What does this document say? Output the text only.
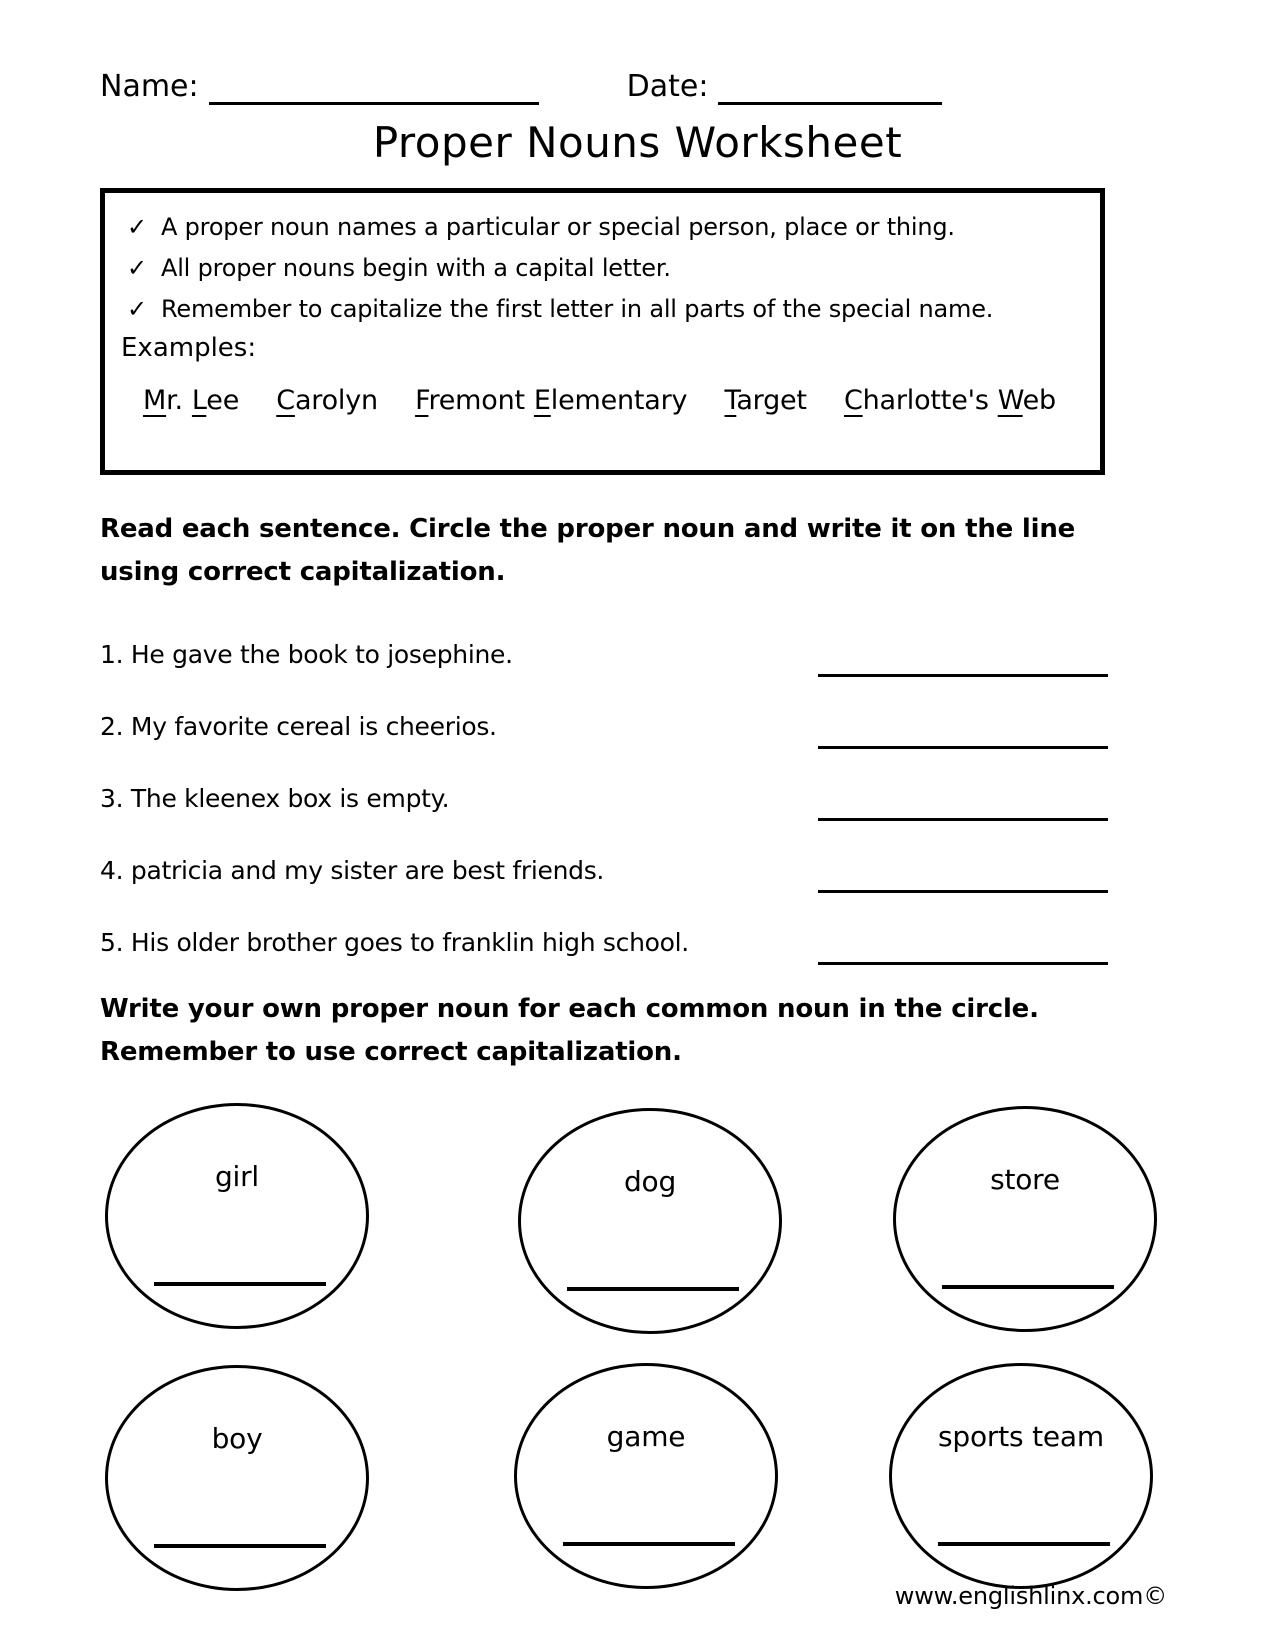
Name:	Date:
Proper Nouns Worksheet
✓ A proper noun names a particular or special person, place or thing.
✓ All proper nouns begin with a capital letter.
✓ Remember to capitalize the first letter in all parts of the special name.
Examples:
Mr. Lee Carolyn Fremont Elementary Target Charlotte's Web
Read each sentence. Circle the proper noun and write it on the line using correct capitalization.
1. He gave the book to josephine.
2. My favorite cereal is cheerios.
3. The kleenex box is empty.
4. patricia and my sister are best friends.
5. His older brother goes to franklin high school.
Write your own proper noun for each common noun in the circle. Remember to use correct capitalization.
girl	dog	store
boy	game	sports team
www.englishlinx.com©
